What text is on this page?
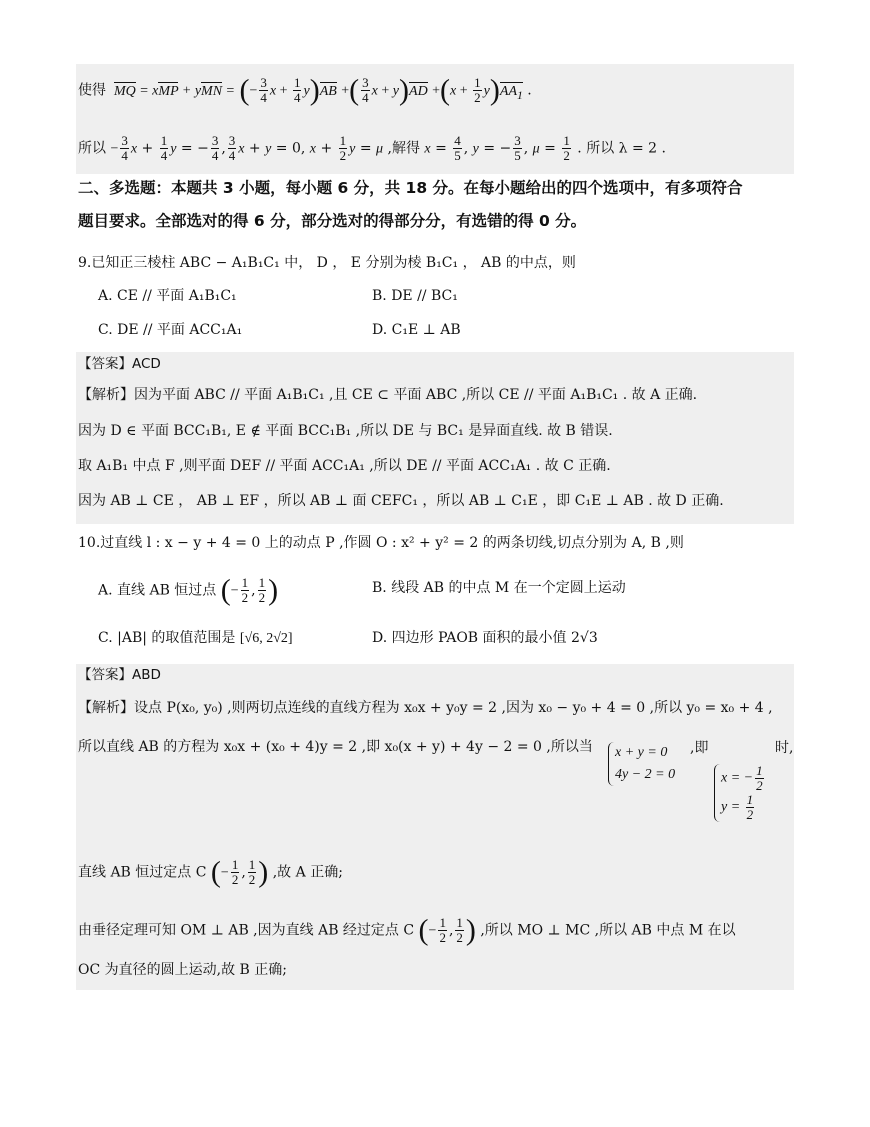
使得 MQ = xMP + yMN = (− $\frac{3}{4}$ $x + \frac{1}{4} y)AB$ +( $\frac{3}{4}$ $x + y)AD +(x + \frac{1}{2} y)AA_1$ .
所以 − $\frac{3}{4}$ $x + \frac{1}{4}$ y = − $\frac{3}{4}$ , $\frac{3}{4}$ x + y = 0, $x + \frac{1}{2}$ y = μ ,解得 $x = \frac{4}{5}$ , y = − $\frac{3}{5}$ , $\mu = \frac{1}{2}$ . 所以 λ = 2 .
二、多选题：本题共 3 小题，每小题 6 分，共 18 分。在每小题给出的四个选项中，有多项符合
题目要求。全部选对的得 6 分，部分选对的得部分分，有选错的得 0 分。
9.已知正三棱柱 ABC − A₁B₁C₁ 中， D ， E 分别为棱 B₁C₁ ， AB 的中点，则
A. CE // 平面 A₁B₁C₁	B. DE // BC₁
C. DE // 平面 ACC₁A₁	D. C₁E ⊥ AB
【答案】ACD
【解析】因为平面 ABC // 平面 A₁B₁C₁ ,且 CE ⊂ 平面 ABC ,所以 CE // 平面 A₁B₁C₁ . 故 A 正确.
因为 D ∈ 平面 BCC₁B₁, E ∉ 平面 BCC₁B₁ ,所以 DE 与 BC₁ 是异面直线. 故 B 错误.
取 A₁B₁ 中点 F ,则平面 DEF // 平面 ACC₁A₁ ,所以 DE // 平面 ACC₁A₁ . 故 C 正确.
因为 AB ⊥ CE ， AB ⊥ EF ，所以 AB ⊥ 面 CEFC₁ ，所以 AB ⊥ C₁E ，即 C₁E ⊥ AB . 故 D 正确.
10.过直线 l : x − y + 4 = 0 上的动点 P ,作圆 O : x² + y² = 2 的两条切线,切点分别为 A, B ,则
A. 直线 AB 恒过点 (− $\frac{1}{2}$ , $\frac{1}{2}$ )	B. 线段 AB 的中点 M 在一个定圆上运动
C. |AB| 的取值范围是 [√6, 2√2]	D. 四边形 PAOB 面积的最小值 2√3
【答案】ABD
【解析】设点 P(x₀, y₀) ,则两切点连线的直线方程为 x₀x + y₀y = 2 ,因为 x₀ − y₀ + 4 = 0 ,所以 y₀ = x₀ + 4 ,
所以直线 AB 的方程为 x₀x + (x₀ + 4)y = 2 ,即 x₀(x + y) + 4y − 2 = 0 ,所以当	x + y = 0
4y − 2 = 0
,即
x = − $\frac{1}{2}$

$y = \frac{1}{2}$
时,
直线 AB 恒过定点 C (− $\frac{1}{2}$ , $\frac{1}{2}$ ) ,故 A 正确;
由垂径定理可知 OM ⊥ AB ,因为直线 AB 经过定点 C (− $\frac{1}{2}$ , $\frac{1}{2}$ ) ,所以 MO ⊥ MC ,所以 AB 中点 M 在以
OC 为直径的圆上运动,故 B 正确;
